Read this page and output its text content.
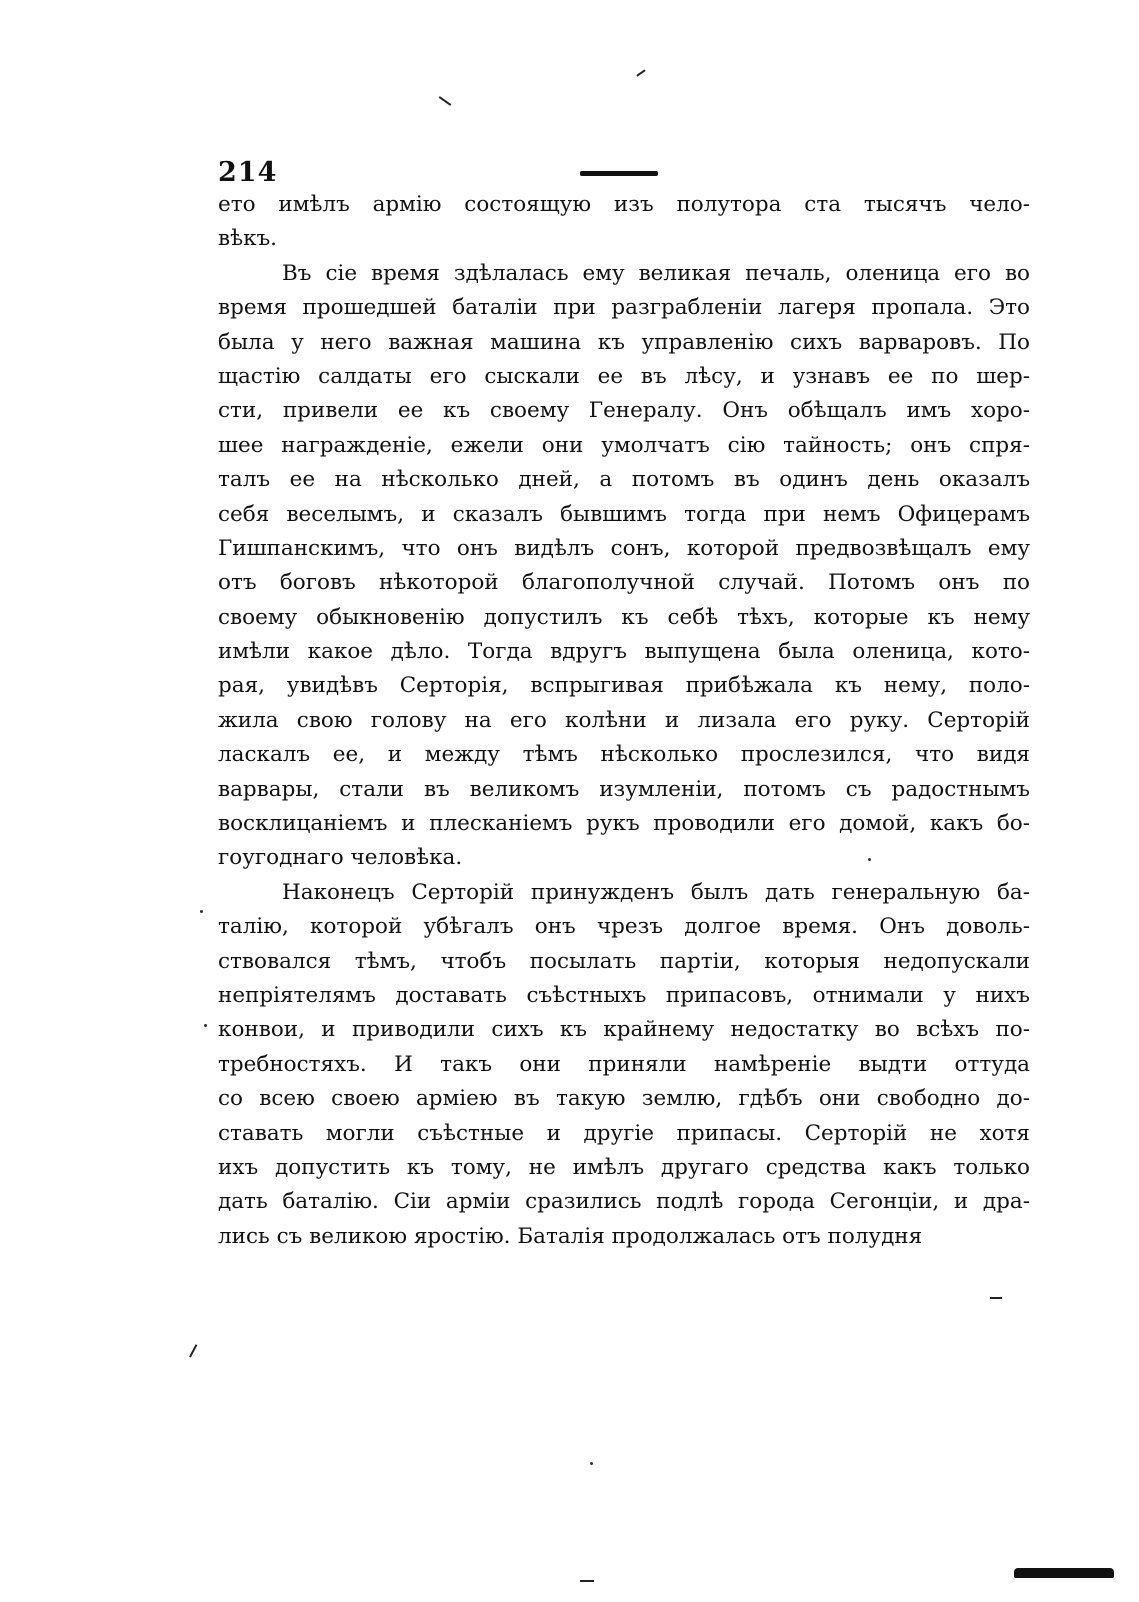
214
ето имѣлъ армію состоящую изъ полутора ста тысячъ чело-
вѣкъ.
Въ сіе время здѣлалась ему великая печаль, оленица его во
время прошедшей баталіи при разграбленіи лагеря пропала. Это
была у него важная машина къ управленію сихъ варваровъ. По
щастію салдаты его сыскали ее въ лѣсу, и узнавъ ее по шер-
сти, привели ее къ своему Генералу. Онъ обѣщалъ имъ хоро-
шее награжденіе, ежели они умолчатъ сію тайность; онъ спря-
талъ ее на нѣсколько дней, а потомъ въ одинъ день оказалъ
себя веселымъ, и сказалъ бывшимъ тогда при немъ Офицерамъ
Гишпанскимъ, что онъ видѣлъ сонъ, которой предвозвѣщалъ ему
отъ боговъ нѣкоторой благополучной случай. Потомъ онъ по
своему обыкновенію допустилъ къ себѣ тѣхъ, которые къ нему
имѣли какое дѣло. Тогда вдругъ выпущена была оленица, кото-
рая, увидѣвъ Серторія, вспрыгивая прибѣжала къ нему, поло-
жила свою голову на его колѣни и лизала его руку. Серторій
ласкалъ ее, и между тѣмъ нѣсколько прослезился, что видя
варвары, стали въ великомъ изумленіи, потомъ съ радостнымъ
восклицаніемъ и плесканіемъ рукъ проводили его домой, какъ бо-
гоугоднаго человѣка.
Наконецъ Серторій принужденъ былъ дать генеральную ба-
талію, которой убѣгалъ онъ чрезъ долгое время. Онъ доволь-
ствовался тѣмъ, чтобъ посылать партіи, которыя недопускали
непріятелямъ доставать съѣстныхъ припасовъ, отнимали у нихъ
конвои, и приводили сихъ къ крайнему недостатку во всѣхъ по-
требностяхъ. И такъ они приняли намѣреніе выдти оттуда
со всею своею арміею въ такую землю, гдѣбъ они свободно до-
ставать могли съѣстные и другіе припасы. Серторій не хотя
ихъ допустить къ тому, не имѣлъ другаго средства какъ только
дать баталію. Сіи арміи сразились подлѣ города Сегонціи, и дра-
лись съ великою яростію. Баталія продолжалась отъ полудня
